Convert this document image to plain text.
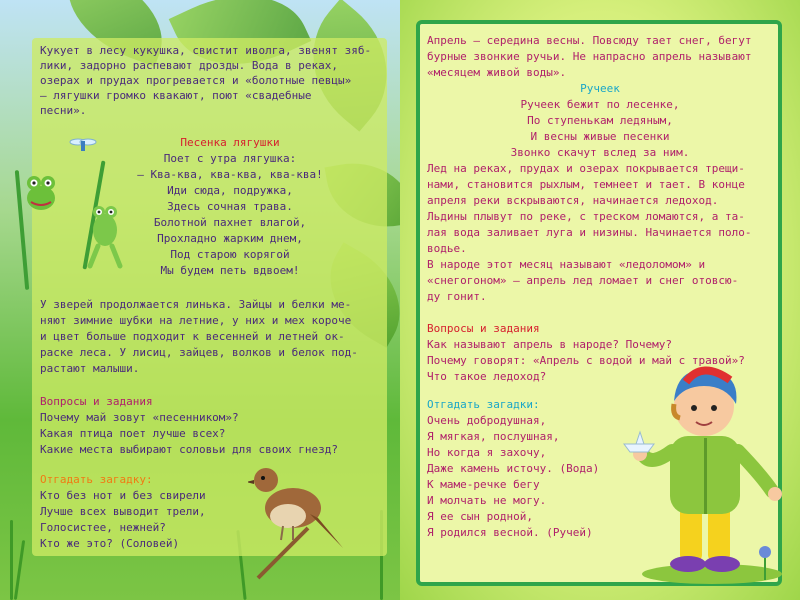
Кукует в лесу кукушка, свистит иволга, звенят зяб-
лики, задорно распевают дрозды. Вода в реках,
озерах и прудах прогревается и «болотные певцы»
— лягушки громко квакают, поют «свадебные
песни».
Песенка лягушки
Поет с утра лягушка:
— Ква-ква, ква-ква, ква-ква!
Иди сюда, подружка,
Здесь сочная трава.
Болотной пахнет влагой,
Прохладно жарким днем,
Под старою корягой
Мы будем петь вдвоем!
У зверей продолжается линька. Зайцы и белки ме-
няют зимние шубки на летние, у них и мех короче
и цвет больше подходит к весенней и летней ок-
раске леса. У лисиц, зайцев, волков и белок под-
растают малыши.
Вопросы и задания
Почему май зовут «песенником»?
Какая птица поет лучше всех?
Какие места выбирают соловьи для своих гнезд?
Отгадать загадку:
Кто без нот и без свирели
Лучше всех выводит трели,
Голосистее, нежней?
Кто же это? (Соловей)
Апрель — середина весны. Повсюду тает снег, бегут
бурные звонкие ручьи. Не напрасно апрель называют
«месяцем живой воды».
Ручеек
Ручеек бежит по лесенке,
По ступенькам ледяным,
И весны живые песенки
Звонко скачут вслед за ним.
Лед на реках, прудах и озерах покрывается трещи-
нами, становится рыхлым, темнеет и тает. В конце
апреля реки вскрываются, начинается ледоход.
Льдины плывут по реке, с треском ломаются, а та-
лая вода заливает луга и низины. Начинается поло-
водье.
В народе этот месяц называют «ледоломом» и
«снегогоном» — апрель лед ломает и снег отовсю-
ду гонит.
Вопросы и задания
Как называют апрель в народе? Почему?
Почему говорят: «Апрель с водой и май с травой»?
Что такое ледоход?
Отгадать загадки:
Очень добродушная,
Я мягкая, послушная,
Но когда я захочу,
Даже камень источу. (Вода)
К маме-речке бегу
И молчать не могу.
Я ее сын родной,
Я родился весной. (Ручей)
